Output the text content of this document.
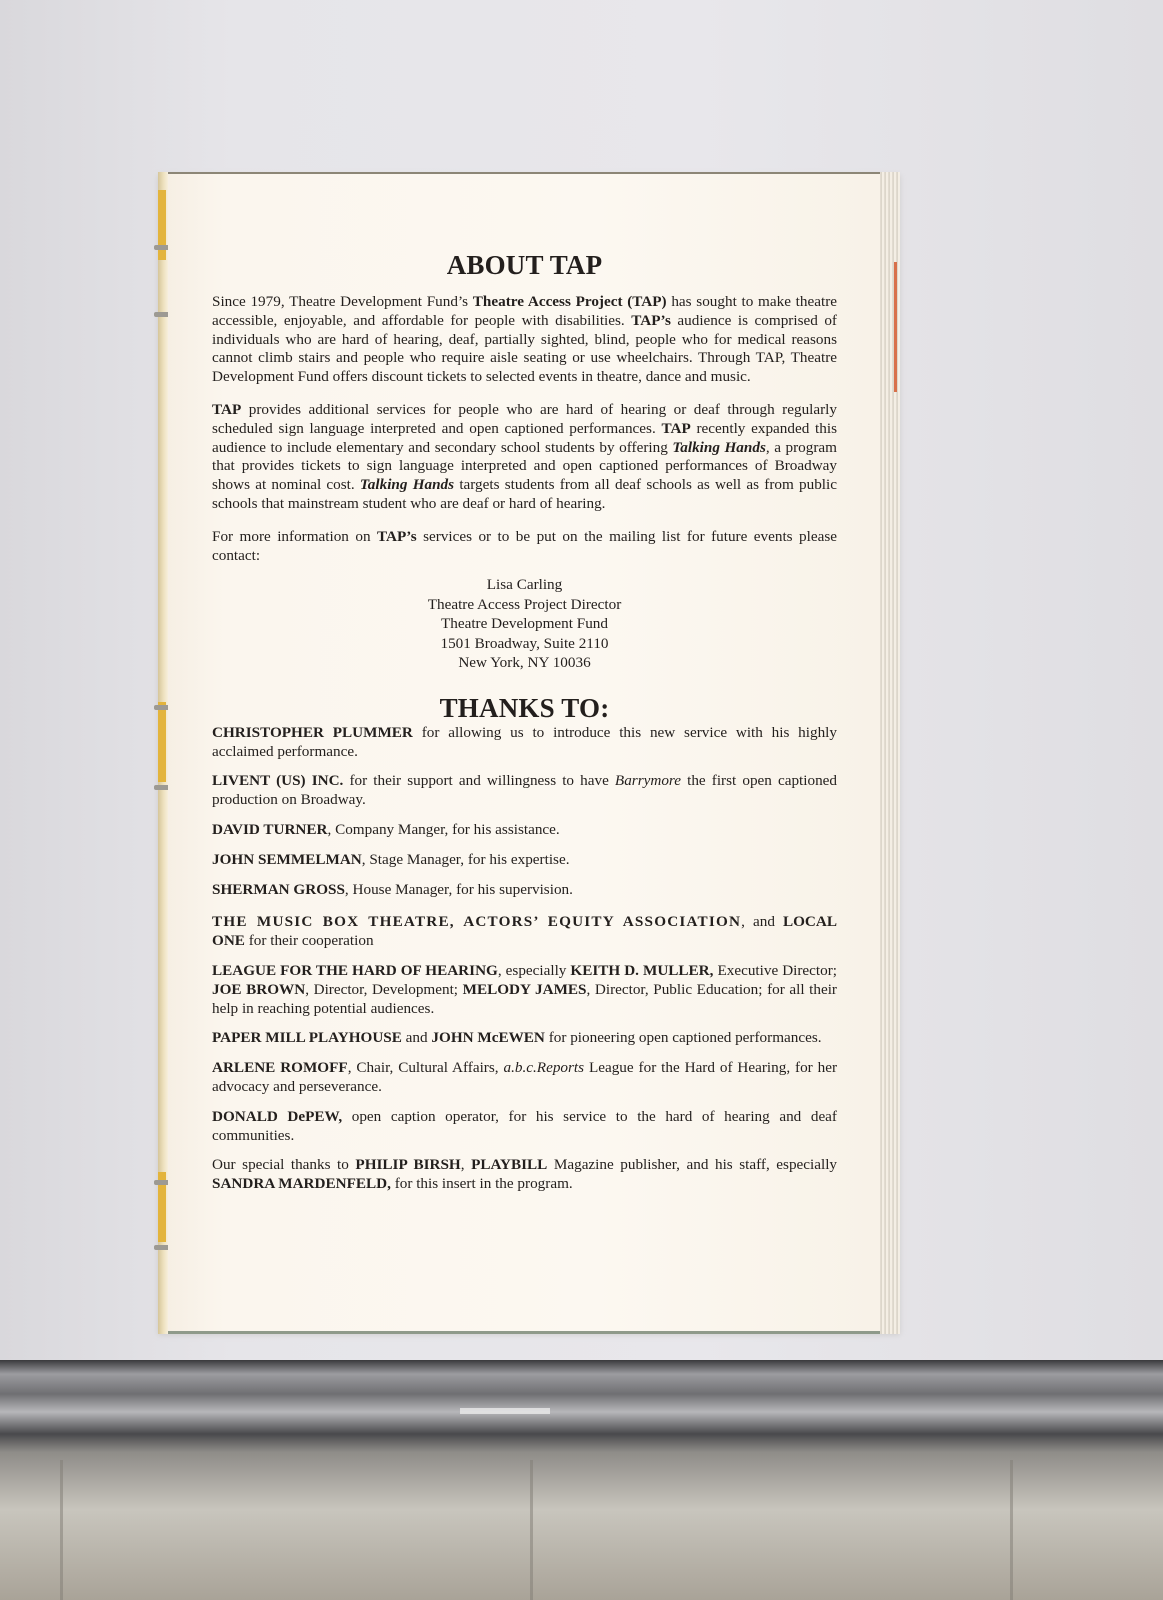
ABOUT TAP

Since 1979, Theatre Development Fund’s Theatre Access Project (TAP) has sought to make theatre accessible, enjoyable, and affordable for people with disabilities. TAP’s audience is comprised of individuals who are hard of hearing, deaf, partially sighted, blind, people who for medical reasons cannot climb stairs and people who require aisle seating or use wheelchairs. Through TAP, Theatre Development Fund offers discount tickets to selected events in theatre, dance and music.

TAP provides additional services for people who are hard of hearing or deaf through regularly scheduled sign language interpreted and open captioned performances. TAP recently expanded this audience to include elementary and secondary school students by offering Talking Hands, a program that provides tickets to sign language interpreted and open captioned performances of Broadway shows at nominal cost. Talking Hands targets students from all deaf schools as well as from public schools that mainstream student who are deaf or hard of hearing.

For more information on TAP’s services or to be put on the mailing list for future events please contact:

Lisa Carling
Theatre Access Project Director
Theatre Development Fund
1501 Broadway, Suite 2110
New York, NY 10036
THANKS TO:

CHRISTOPHER PLUMMER for allowing us to introduce this new service with his highly acclaimed performance.

LIVENT (US) INC. for their support and willingness to have Barrymore the first open captioned production on Broadway.

DAVID TURNER, Company Manger, for his assistance.

JOHN SEMMELMAN, Stage Manager, for his expertise.

SHERMAN GROSS, House Manager, for his supervision.

THE MUSIC BOX THEATRE, ACTORS’ EQUITY ASSOCIATION, and LOCAL ONE for their cooperation

LEAGUE FOR THE HARD OF HEARING, especially KEITH D. MULLER, Executive Director; JOE BROWN, Director, Development; MELODY JAMES, Director, Public Education; for all their help in reaching potential audiences.

PAPER MILL PLAYHOUSE and JOHN McEWEN for pioneering open captioned performances.

ARLENE ROMOFF, Chair, Cultural Affairs, a.b.c.Reports League for the Hard of Hearing, for her advocacy and perseverance.

DONALD DePEW, open caption operator, for his service to the hard of hearing and deaf communities.

Our special thanks to PHILIP BIRSH, PLAYBILL Magazine publisher, and his staff, especially SANDRA MARDENFELD, for this insert in the program.
